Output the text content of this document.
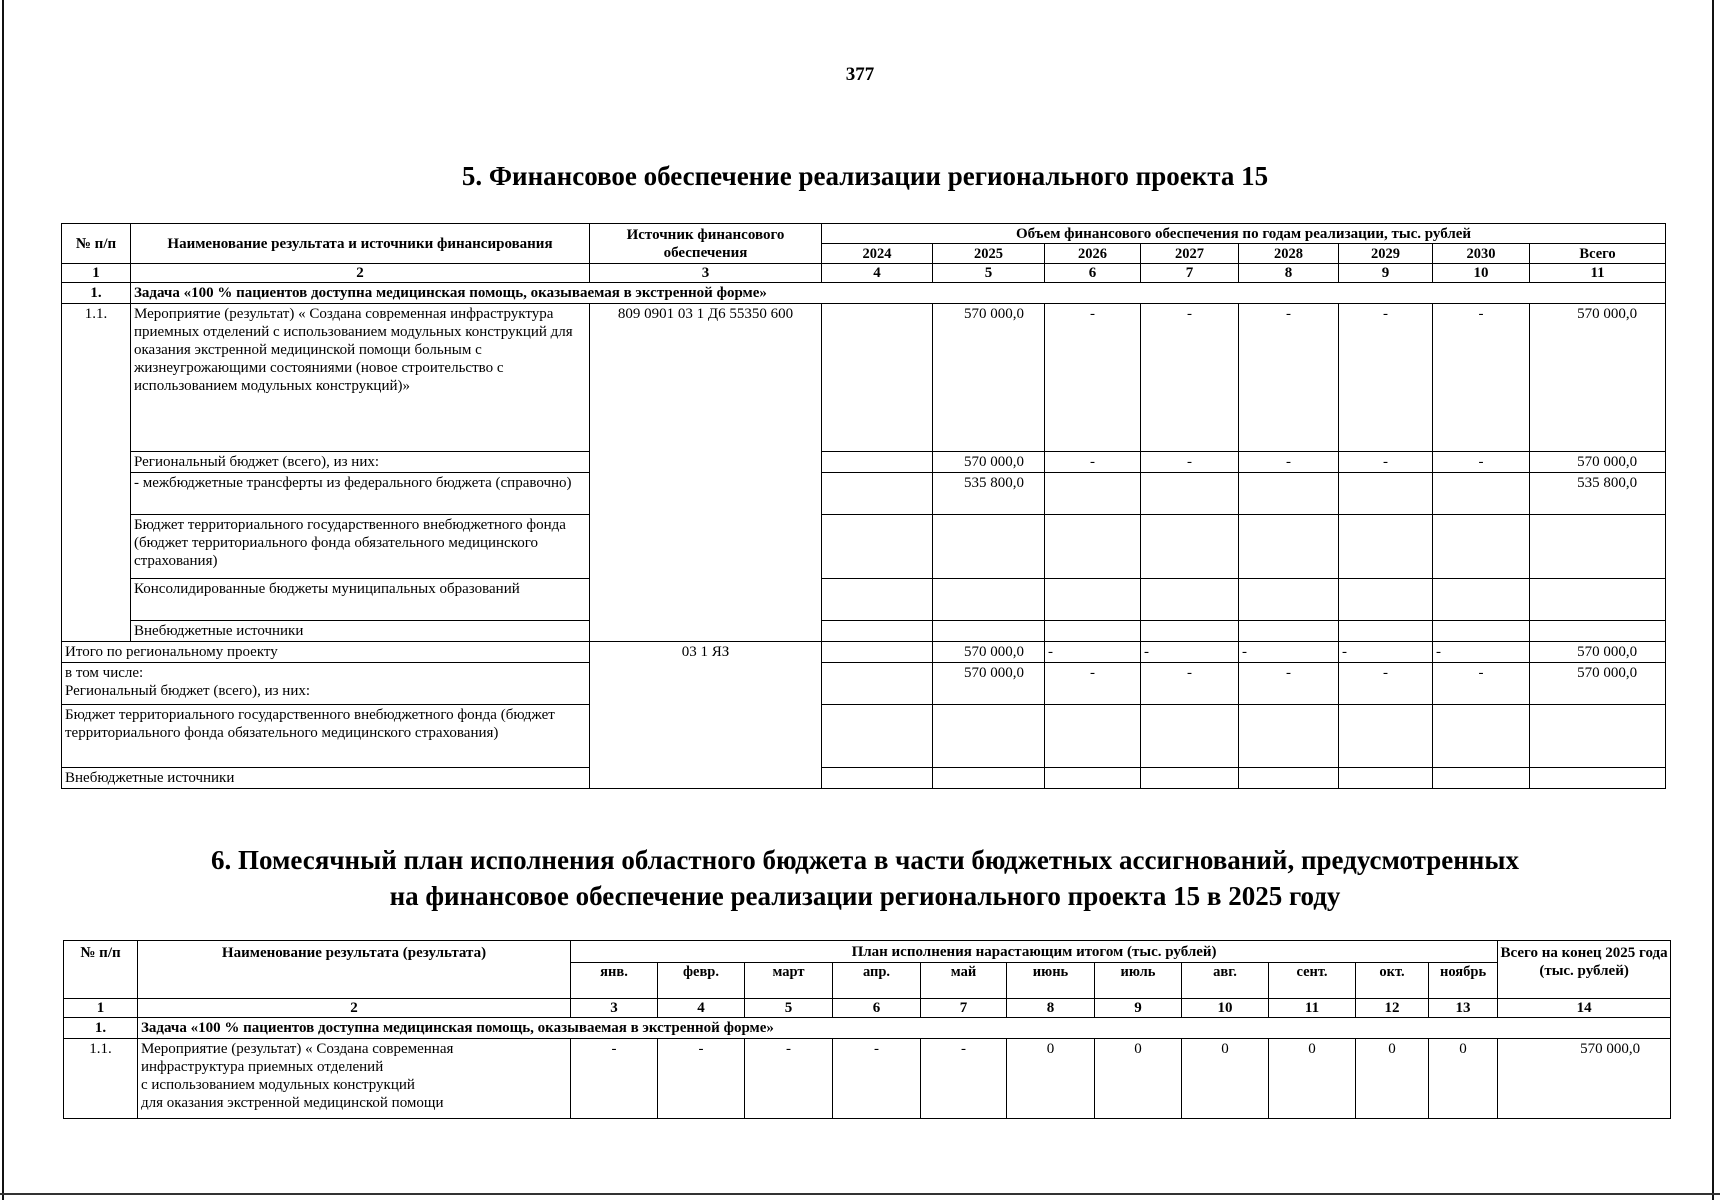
377
5. Финансовое обеспечение реализации регионального проекта 15
№ п/п	Наименование результата и источники финансирования	Источник финансового обеспечения	Объем финансового обеспечения по годам реализации, тыс. рублей							
			2024	2025	2026	2027	2028	2029	2030	Всего
1	2	3	4	5	6	7	8	9	10	11
1.	Задача «100 % пациентов доступна медицинская помощь, оказываемая в экстренной форме»									
1.1.	Мероприятие (результат) « Создана современная инфраструктура приемных отделений с использованием модульных конструкций для оказания экстренной медицинской помощи больным с жизнеугрожающими состояниями (новое строительство с использованием модульных конструкций)»	809 0901 03 1 Д6 55350 600		570 000,0	-	-	-	-	-	570 000,0
	Региональный бюджет (всего), из них:			570 000,0	-	-	-	-	-	570 000,0
	- межбюджетные трансферты из федерального бюджета (справочно)			535 800,0						535 800,0
	Бюджет территориального государственного внебюджетного фонда (бюджет территориального фонда обязательного медицинского страхования)									
	Консолидированные бюджеты муниципальных образований									
	Внебюджетные источники									
Итого по региональному проекту		03 1 ЯЗ		570 000,0	-	-	-	-	-	570 000,0
в том числе:
Региональный бюджет (всего), из них:				570 000,0	-	-	-	-	-	570 000,0
Бюджет территориального государственного внебюджетного фонда (бюджет территориального фонда обязательного медицинского страхования)										
Внебюджетные источники										
6. Помесячный план исполнения областного бюджета в части бюджетных ассигнований, предусмотренных
на финансовое обеспечение реализации регионального проекта 15 в 2025 году
№ п/п	Наименование результата (результата)	План исполнения нарастающим итогом (тыс. рублей)											Всего на конец 2025 года (тыс. рублей)
		янв.	февр.	март	апр.	май	июнь	июль	авг.	сент.	окт.	ноябрь	
1	2	3	4	5	6	7	8	9	10	11	12	13	14
1.	Задача «100 % пациентов доступна медицинская помощь, оказываемая в экстренной форме»												
1.1.	Мероприятие (результат) « Создана современная
инфраструктура приемных отделений
с использованием модульных конструкций
для оказания экстренной медицинской помощи	-	-	-	-	-	0	0	0	0	0	0	570 000,0
